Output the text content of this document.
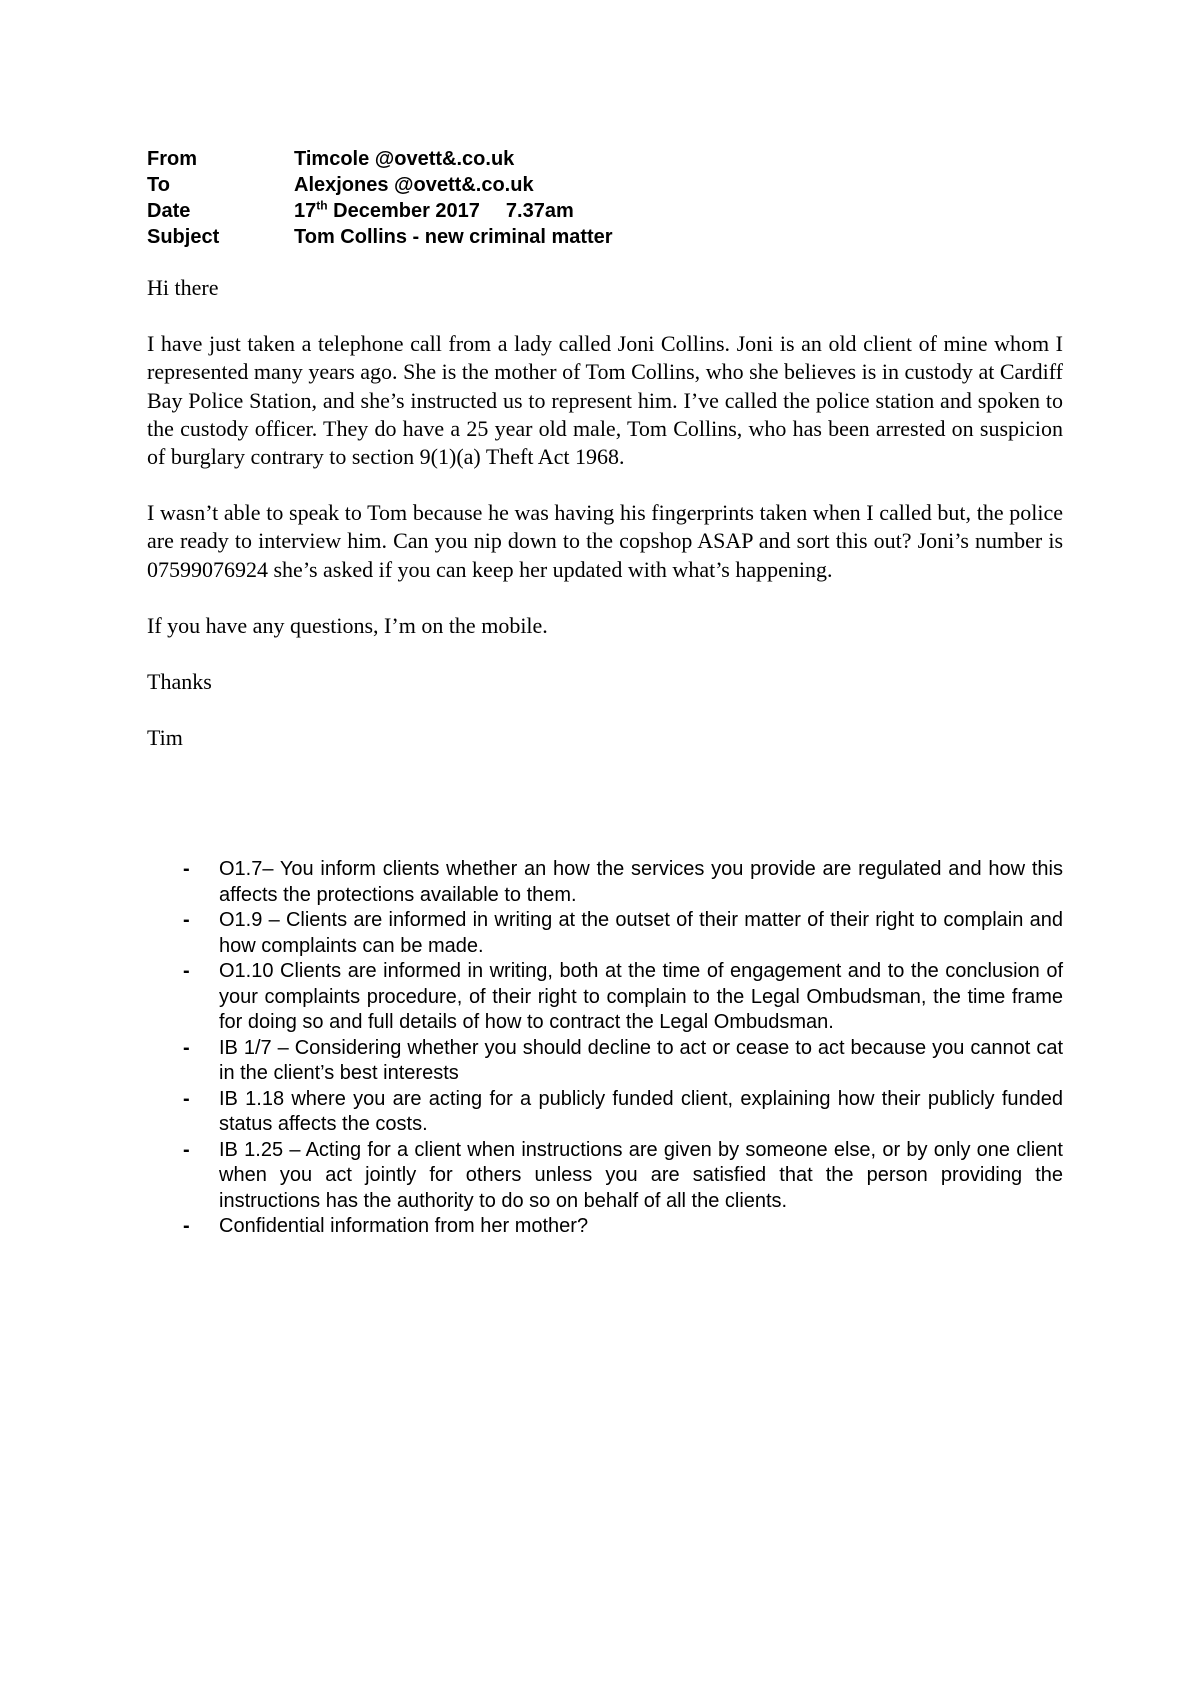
From	Timcole @ovett&.co.uk
To	Alexjones @ovett&.co.uk
Date	17th December 2017 7.37am
Subject	Tom Collins - new criminal matter

Hi there

I have just taken a telephone call from a lady called Joni Collins. Joni is an old client of mine whom I represented many years ago. She is the mother of Tom Collins, who she believes is in custody at Cardiff Bay Police Station, and she’s instructed us to represent him. I’ve called the police station and spoken to the custody officer. They do have a 25 year old male, Tom Collins, who has been arrested on suspicion of burglary contrary to section 9(1)(a) Theft Act 1968.

I wasn’t able to speak to Tom because he was having his fingerprints taken when I called but, the police are ready to interview him. Can you nip down to the copshop ASAP and sort this out? Joni’s number is 07599076924 she’s asked if you can keep her updated with what’s happening.

If you have any questions, I’m on the mobile.

Thanks

Tim

- O1.7– You inform clients whether an how the services you provide are regulated and how this affects the protections available to them.
- O1.9 – Clients are informed in writing at the outset of their matter of their right to complain and how complaints can be made.
- O1.10 Clients are informed in writing, both at the time of engagement and to the conclusion of your complaints procedure, of their right to complain to the Legal Ombudsman, the time frame for doing so and full details of how to contract the Legal Ombudsman.
- IB 1/7 – Considering whether you should decline to act or cease to act because you cannot cat in the client’s best interests
- IB 1.18 where you are acting for a publicly funded client, explaining how their publicly funded status affects the costs.
- IB 1.25 – Acting for a client when instructions are given by someone else, or by only one client when you act jointly for others unless you are satisfied that the person providing the instructions has the authority to do so on behalf of all the clients.
- Confidential information from her mother?
